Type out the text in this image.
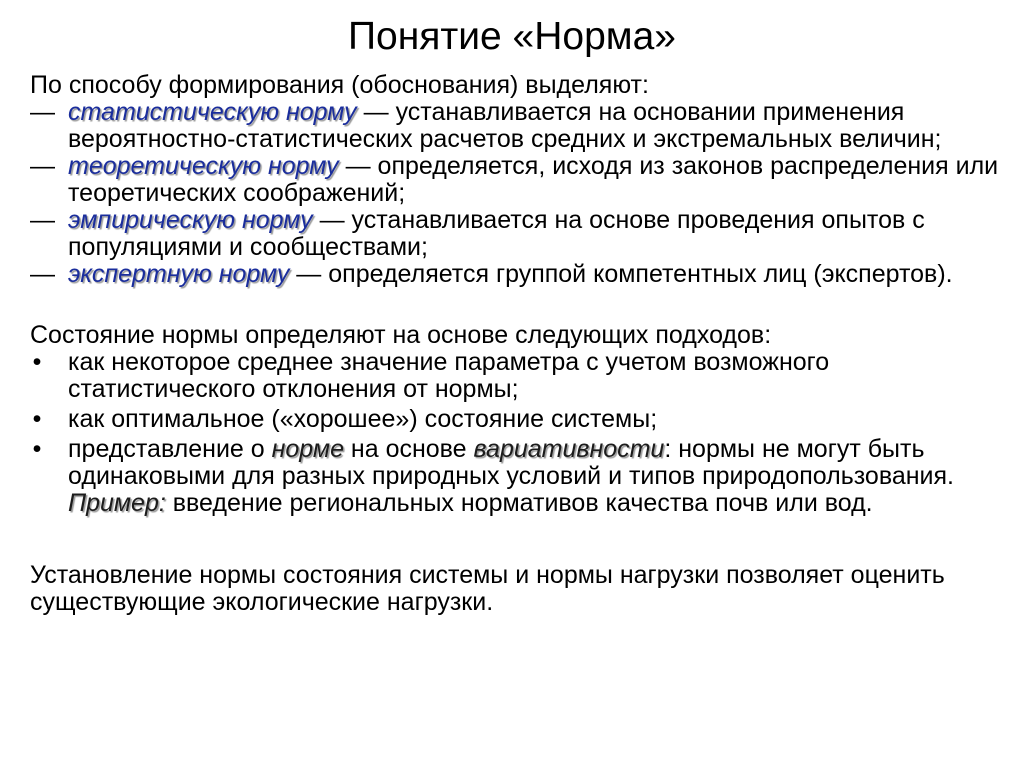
Понятие «Норма»

По способу формирования (обоснования) выделяют:

— статистическую норму — устанавливается на основании применения вероятностно-статистических расчетов средних и экстремальных величин;

— теоретическую норму — определяется, исходя из законов распределения или теоретических соображений;

— эмпирическую норму — устанавливается на основе проведения опытов с популяциями и сообществами;

— экспертную норму — определяется группой компетентных лиц (экспертов).

Состояние нормы определяют на основе следующих подходов:

• как некоторое среднее значение параметра с учетом возможного статистического отклонения от нормы;

• как оптимальное («хорошее») состояние системы;

• представление о норме на основе вариативности: нормы не могут быть одинаковыми для разных природных условий и типов природопользования.
Пример: введение региональных нормативов качества почв или вод.

Установление нормы состояния системы и нормы нагрузки позволяет оценить существующие экологические нагрузки.
